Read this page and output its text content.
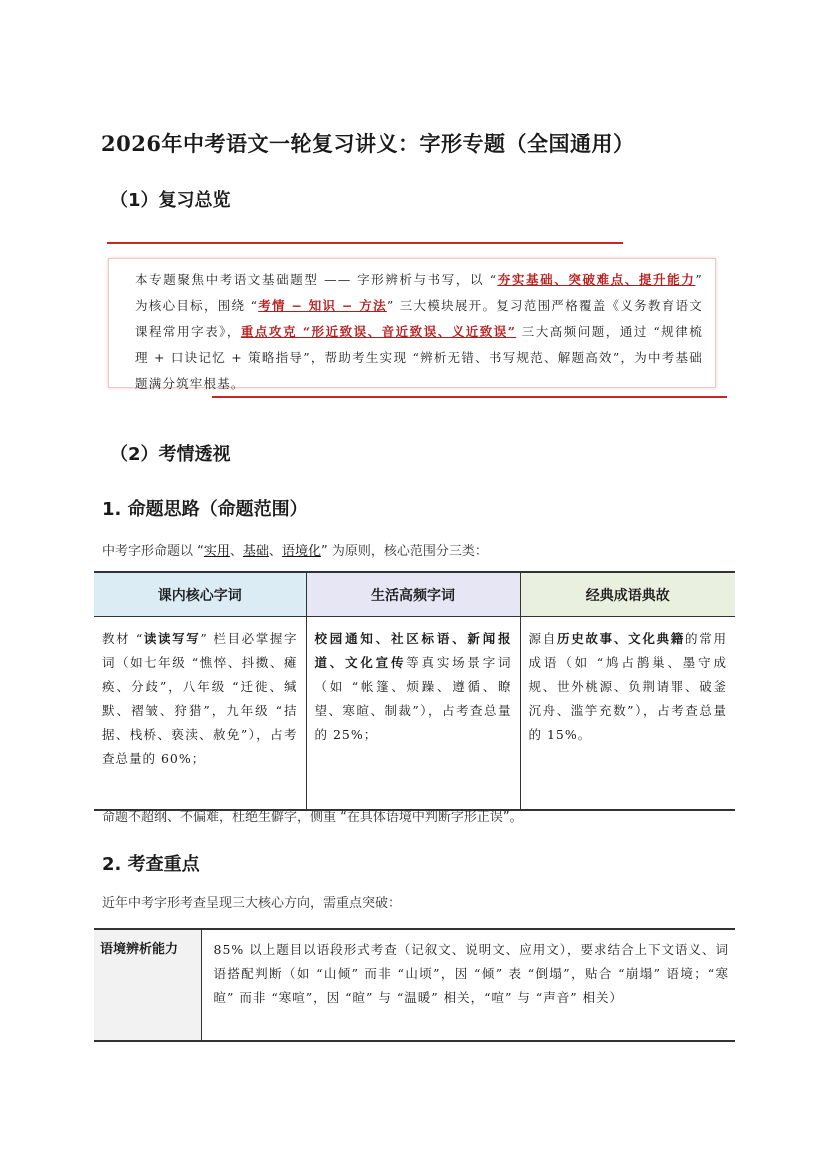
2026年中考语文一轮复习讲义：字形专题（全国通用）
（1）复习总览
本专题聚焦中考语文基础题型 —— 字形辨析与书写，以 “夯实基础、突破难点、提升能力” 为核心目标，围绕 “考情 − 知识 − 方法” 三大模块展开。复习范围严格覆盖《义务教育语文课程常用字表》，重点攻克 “形近致误、音近致误、义近致误” 三大高频问题，通过 “规律梳理 + 口诀记忆 + 策略指导”，帮助考生实现 “辨析无错、书写规范、解题高效”，为中考基础题满分筑牢根基。
（2）考情透视
1. 命题思路（命题范围）
中考字形命题以 “实用、基础、语境化” 为原则，核心范围分三类：
课内核心字词	生活高频字词	经典成语典故
教材 “读读写写” 栏目必掌握字词（如七年级 “憔悴、抖擞、瘫痪、分歧”，八年级 “迁徙、缄默、褶皱、狩猎”，九年级 “拮据、栈桥、亵渎、赦免”），占考查总量的 60%；	校园通知、社区标语、新闻报道、文化宣传等真实场景字词（如 “帐篷、烦躁、遵循、瞭望、寒暄、制裁”），占考查总量的 25%；	源自历史故事、文化典籍的常用成语（如 “鸠占鹊巢、墨守成规、世外桃源、负荆请罪、破釜沉舟、滥竽充数”），占考查总量的 15%。
命题不超纲、不偏难，杜绝生僻字，侧重 “在具体语境中判断字形正误”。
2. 考查重点
近年中考字形考查呈现三大核心方向，需重点突破：
语境辨析能力	85% 以上题目以语段形式考查（记叙文、说明文、应用文），要求结合上下文语义、词语搭配判断（如 “山倾” 而非 “山顷”，因 “倾” 表 “倒塌”，贴合 “崩塌” 语境；“寒暄” 而非 “寒喧”，因 “暄” 与 “温暖” 相关，“喧” 与 “声音” 相关）
